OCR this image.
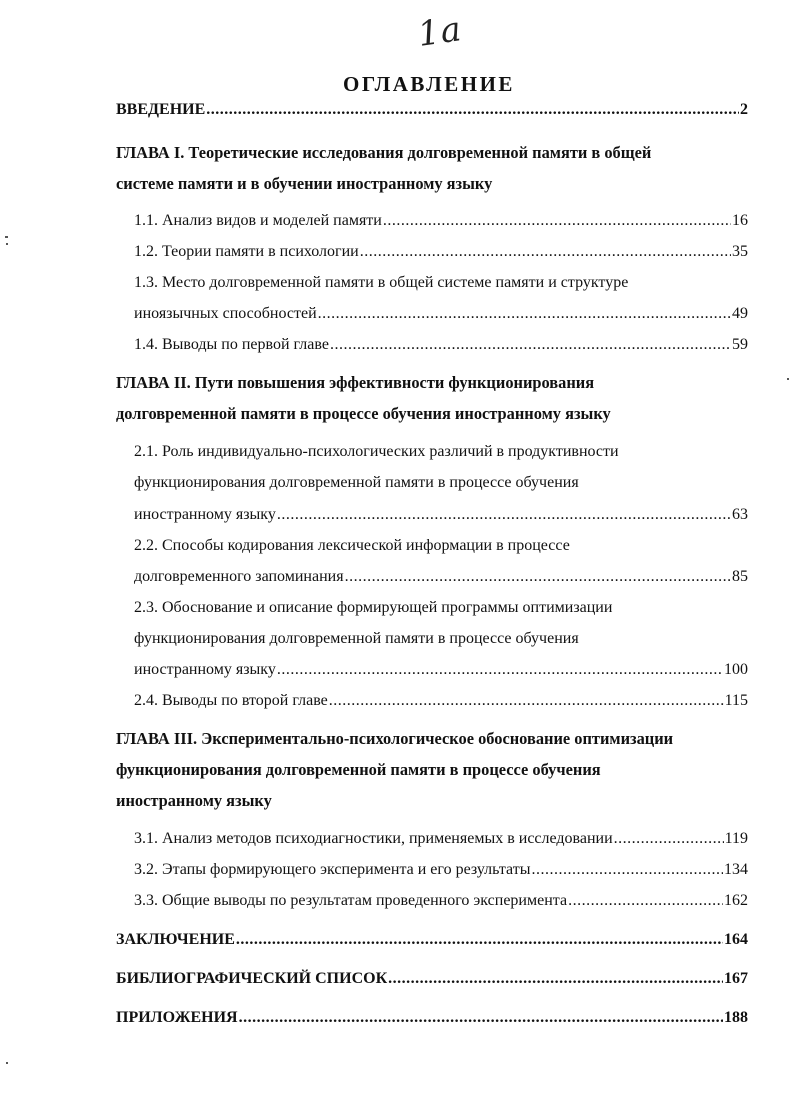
1a
ОГЛАВЛЕНИЕ
ВВЕДЕНИЕ .....	2
ГЛАВА I. Теоретические исследования долговременной памяти в общей
системе памяти и в обучении иностранному языку
1.1. Анализ видов и моделей памяти .....	16
1.2. Теории памяти в психологии .....	35
1.3. Место долговременной памяти в общей системе памяти и структуре
иноязычных способностей .....	49
1.4. Выводы по первой главе .....	59
ГЛАВА II. Пути повышения эффективности функционирования
долговременной памяти в процессе обучения иностранному языку
2.1. Роль индивидуально-психологических различий в продуктивности
функционирования долговременной памяти в процессе обучения
иностранному языку .....	63
2.2. Способы кодирования лексической информации в процессе
долговременного запоминания .....	85
2.3. Обоснование и описание формирующей программы оптимизации
функционирования долговременной памяти в процессе обучения
иностранному языку .....	100
2.4. Выводы по второй главе .....	115
ГЛАВА III. Экспериментально-психологическое обоснование оптимизации
функционирования долговременной памяти в процессе обучения
иностранному языку
3.1. Анализ методов психодиагностики, применяемых в исследовании .....	119
3.2. Этапы формирующего эксперимента и его результаты .....	134
3.3. Общие выводы по результатам проведенного эксперимента .....	162
ЗАКЛЮЧЕНИЕ .....	164
БИБЛИОГРАФИЧЕСКИЙ СПИСОК .....	167
ПРИЛОЖЕНИЯ .....	188
